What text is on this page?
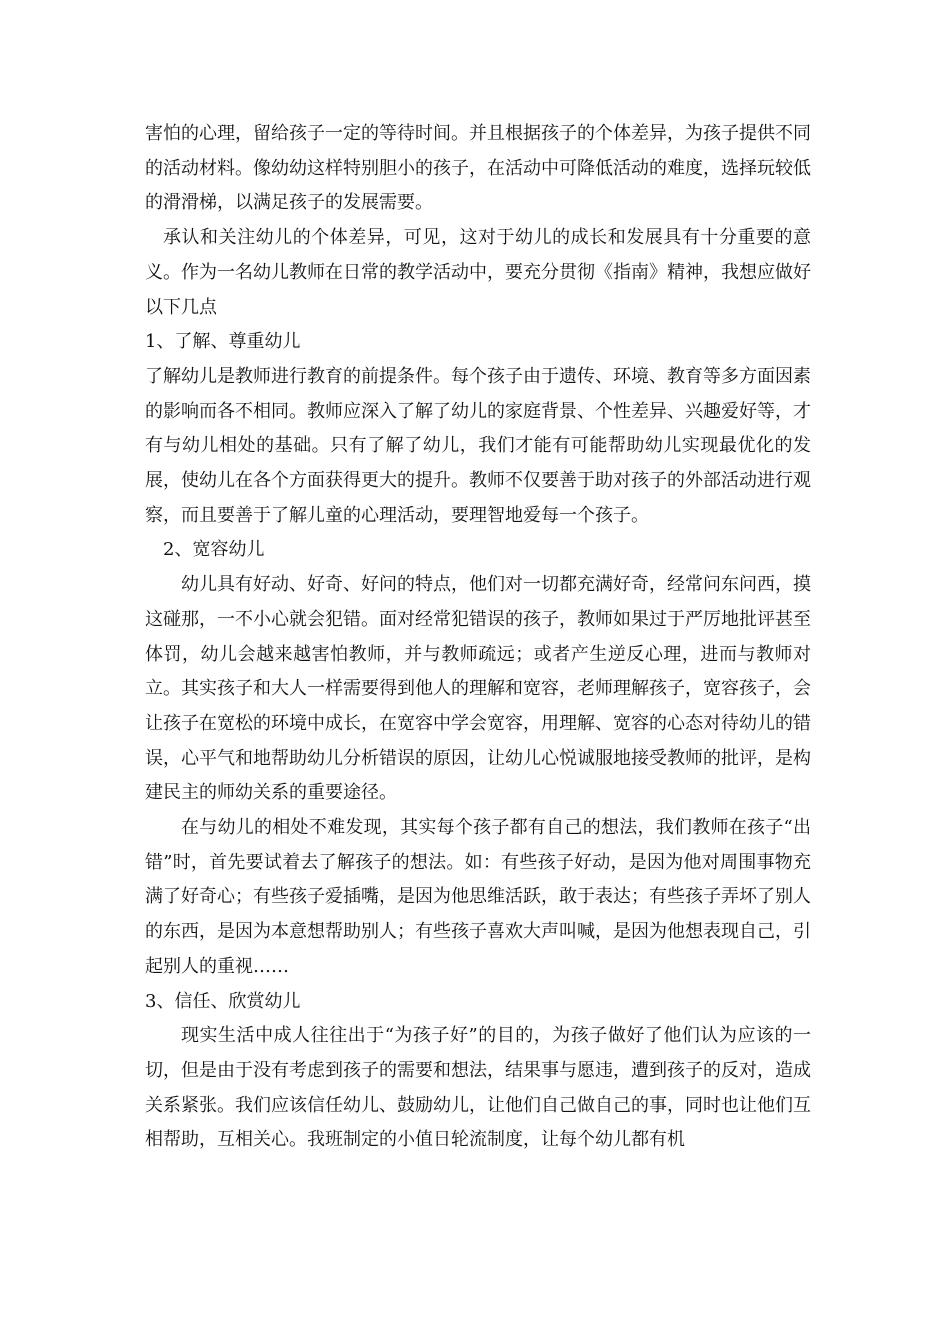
害怕的心理，留给孩子一定的等待时间。并且根据孩子的个体差异，为孩子提供不同的活动材料。像幼幼这样特别胆小的孩子，在活动中可降低活动的难度，选择玩较低的滑滑梯，以满足孩子的发展需要。

承认和关注幼儿的个体差异，可见，这对于幼儿的成长和发展具有十分重要的意义。作为一名幼儿教师在日常的教学活动中，要充分贯彻《指南》精神，我想应做好以下几点

1、了解、尊重幼儿

了解幼儿是教师进行教育的前提条件。每个孩子由于遗传、环境、教育等多方面因素的影响而各不相同。教师应深入了解了幼儿的家庭背景、个性差异、兴趣爱好等，才有与幼儿相处的基础。只有了解了幼儿，我们才能有可能帮助幼儿实现最优化的发展，使幼儿在各个方面获得更大的提升。教师不仅要善于助对孩子的外部活动进行观察，而且要善于了解儿童的心理活动，要理智地爱每一个孩子。

2、宽容幼儿

幼儿具有好动、好奇、好问的特点，他们对一切都充满好奇，经常问东问西，摸这碰那，一不小心就会犯错。面对经常犯错误的孩子，教师如果过于严厉地批评甚至体罚，幼儿会越来越害怕教师，并与教师疏远；或者产生逆反心理，进而与教师对立。其实孩子和大人一样需要得到他人的理解和宽容，老师理解孩子，宽容孩子，会让孩子在宽松的环境中成长，在宽容中学会宽容，用理解、宽容的心态对待幼儿的错误，心平气和地帮助幼儿分析错误的原因，让幼儿心悦诚服地接受教师的批评，是构建民主的师幼关系的重要途径。

在与幼儿的相处不难发现，其实每个孩子都有自己的想法，我们教师在孩子“出错”时，首先要试着去了解孩子的想法。如：有些孩子好动，是因为他对周围事物充满了好奇心；有些孩子爱插嘴，是因为他思维活跃，敢于表达；有些孩子弄坏了别人的东西，是因为本意想帮助别人；有些孩子喜欢大声叫喊，是因为他想表现自己，引起别人的重视……

3、信任、欣赏幼儿

现实生活中成人往往出于“为孩子好”的目的，为孩子做好了他们认为应该的一切，但是由于没有考虑到孩子的需要和想法，结果事与愿违，遭到孩子的反对，造成关系紧张。我们应该信任幼儿、鼓励幼儿，让他们自己做自己的事，同时也让他们互相帮助，互相关心。我班制定的小值日轮流制度，让每个幼儿都有机
